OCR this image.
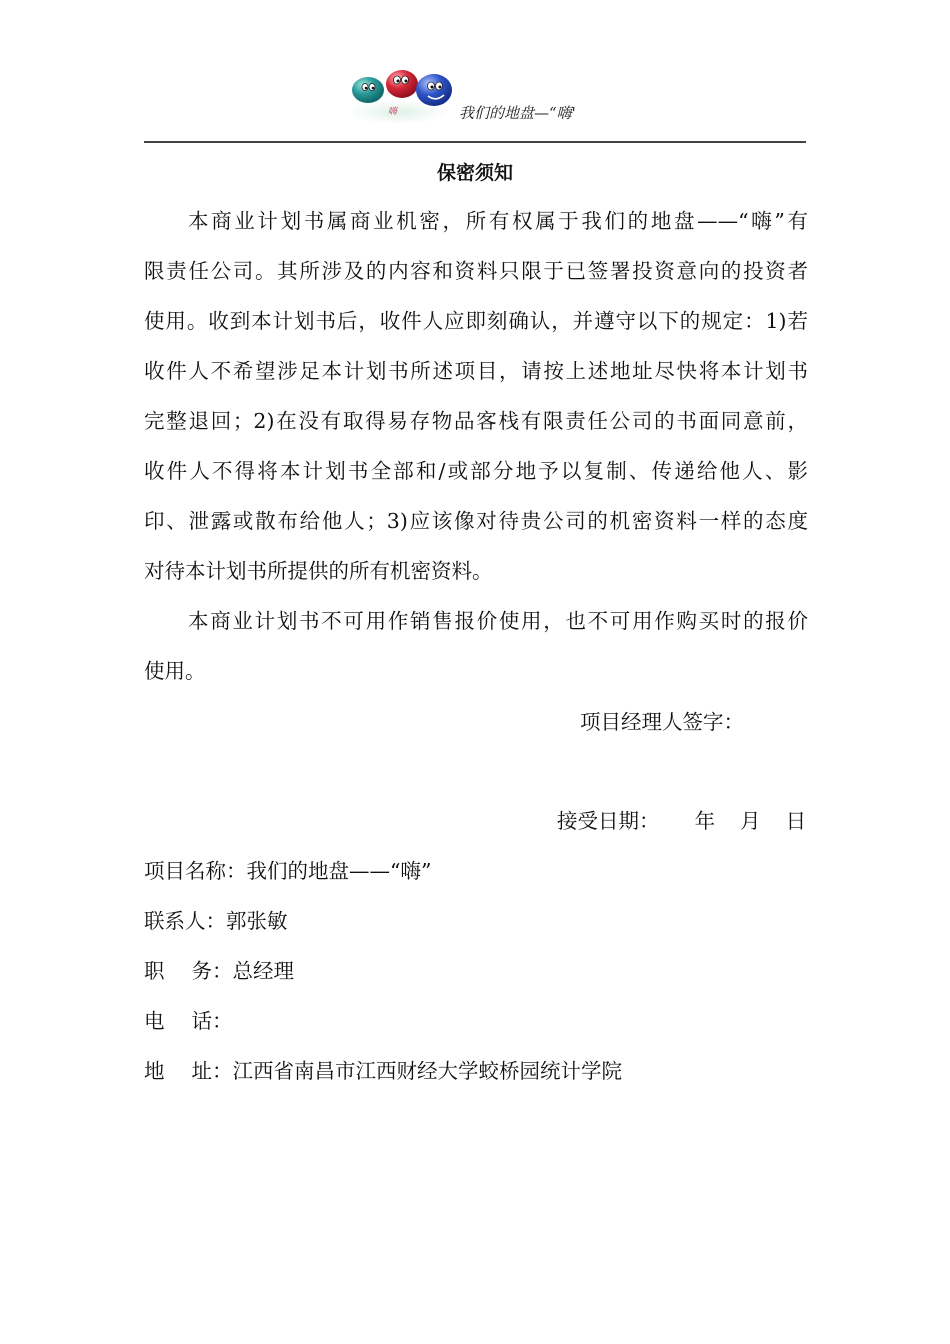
嗨	我们的地盘—“嗨'
保密须知
本商业计划书属商业机密，所有权属于我们的地盘——“嗨”有
限责任公司。其所涉及的内容和资料只限于已签署投资意向的投资者
使用。收到本计划书后，收件人应即刻确认，并遵守以下的规定：1)若
收件人不希望涉足本计划书所述项目，请按上述地址尽快将本计划书
完整退回；2)在没有取得易存物品客栈有限责任公司的书面同意前，
收件人不得将本计划书全部和/或部分地予以复制、传递给他人、影
印、泄露或散布给他人；3)应该像对待贵公司的机密资料一样的态度
对待本计划书所提供的所有机密资料。
本商业计划书不可用作销售报价使用，也不可用作购买时的报价
使用。
项目经理人签字：
接受日期： 年  月  日
项目名称：我们的地盘——“嗨”
联系人：郭张敏
职　 务：总经理
电　 话：
地　 址：江西省南昌市江西财经大学蛟桥园统计学院
